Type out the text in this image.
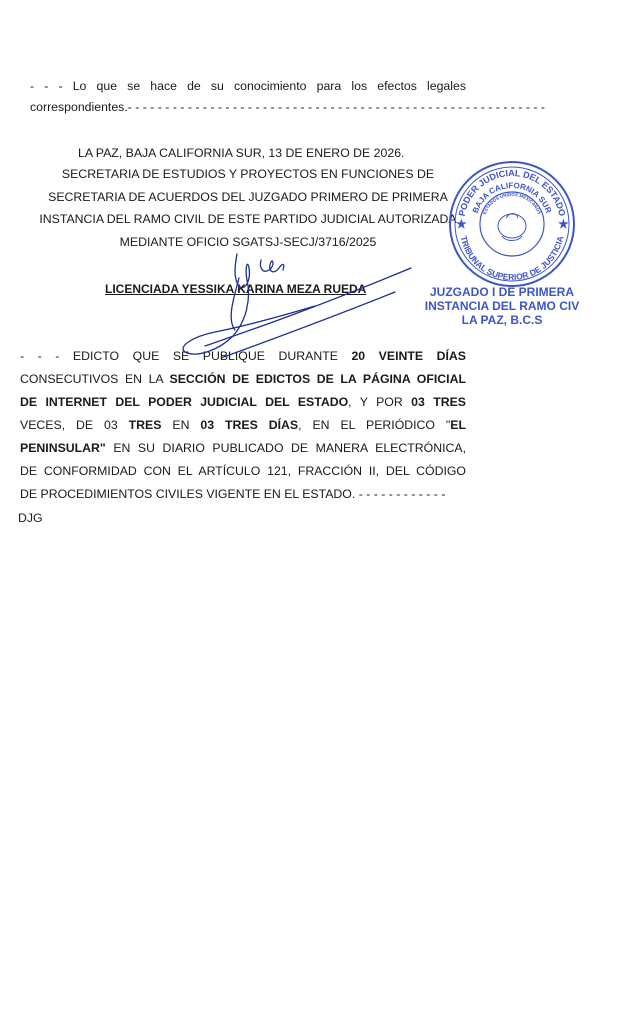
- - - Lo que se hace de su conocimiento para los efectos legales
correspondientes.- - - - - - - - - - - - - - - - - - - - - - - - - - - - - - - - - - - - - - - - - - - - - - - - - - - - - - - -
LA PAZ, BAJA CALIFORNIA SUR, 13 DE ENERO DE 2026.
SECRETARIA DE ESTUDIOS Y PROYECTOS EN FUNCIONES DE
SECRETARIA DE ACUERDOS DEL JUZGADO PRIMERO DE PRIMERA
INSTANCIA DEL RAMO CIVIL DE ESTE PARTIDO JUDICIAL AUTORIZADA
MEDIANTE OFICIO SGATSJ-SECJ/3716/2025
LICENCIADA YESSIKA KARINA MEZA RUEDA
- - - EDICTO QUE SE PUBLIQUE DURANTE 20 VEINTE DÍAS
CONSECUTIVOS EN LA SECCIÓN DE EDICTOS DE LA PÁGINA OFICIAL
DE INTERNET DEL PODER JUDICIAL DEL ESTADO, Y POR 03 TRES
VECES, DE 03 TRES EN 03 TRES DÍAS, EN EL PERIÓDICO "EL
PENINSULAR" EN SU DIARIO PUBLICADO DE MANERA ELECTRÓNICA,
DE CONFORMIDAD CON EL ARTÍCULO 121, FRACCIÓN II, DEL CÓDIGO
DE PROCEDIMIENTOS CIVILES VIGENTE EN EL ESTADO. - - - - - - - - - - - -
DJG
PODER JUDICIAL DEL ESTADO
BAJA CALIFORNIA SUR
TRIBUNAL SUPERIOR DE JUSTICIA
ESTADOS UNIDOS MEXICANOS
★	★
JUZGADO I DE PRIMERA
INSTANCIA DEL RAMO CIV
LA PAZ, B.C.S
